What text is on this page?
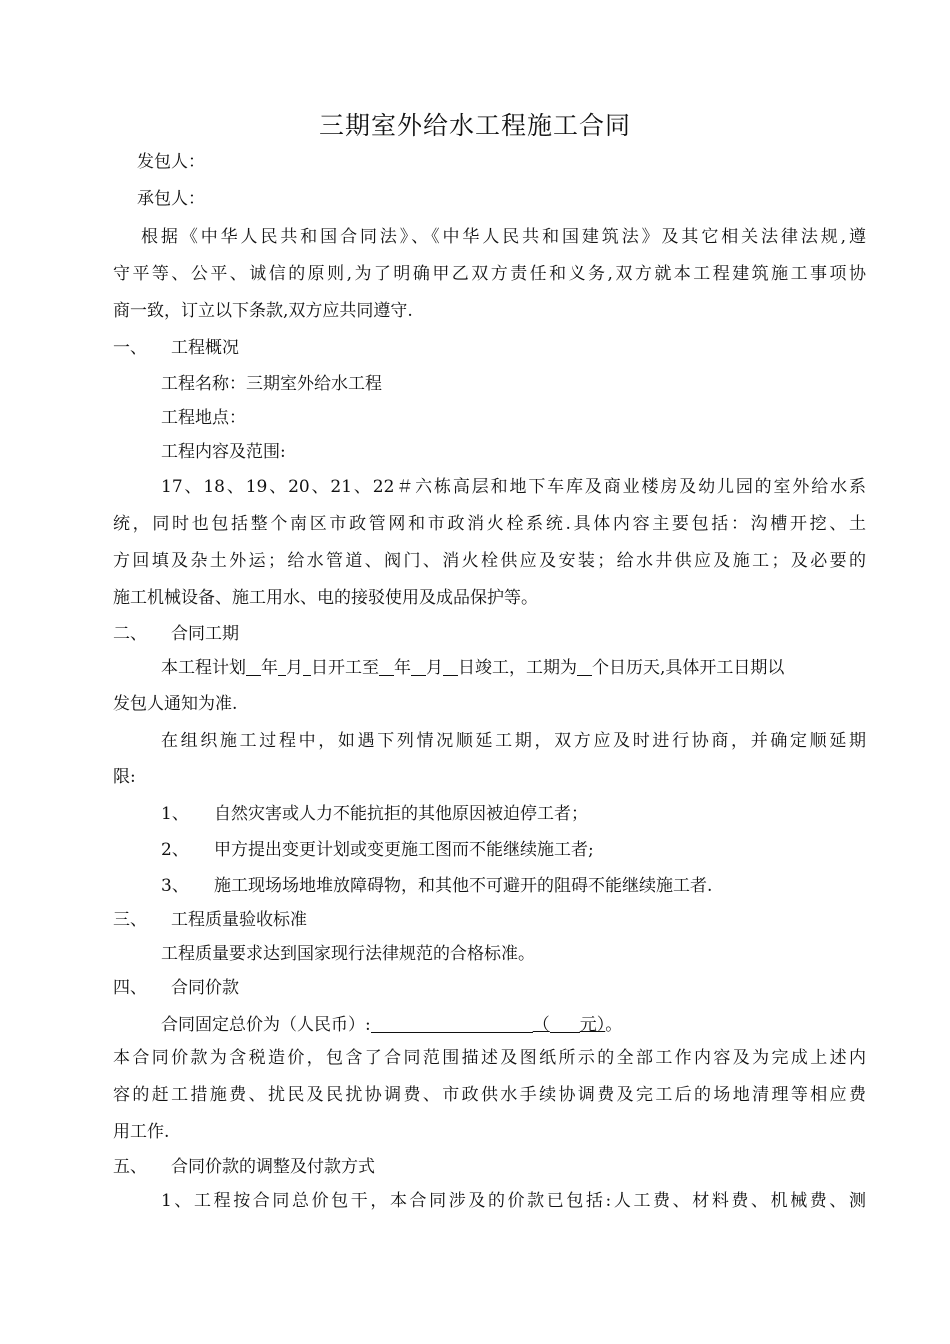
三期室外给水工程施工合同
发包人：
承包人：
根据《中华人民共和国合同法》、《中华人民共和国建筑法》及其它相关法律法规,遵
守平等、公平、诚信的原则,为了明确甲乙双方责任和义务,双方就本工程建筑施工事项协
商一致，订立以下条款,双方应共同遵守.
一、 工程概况
工程名称：三期室外给水工程
工程地点：
工程内容及范围:
17、18、19、20、21、22＃六栋高层和地下车库及商业楼房及幼儿园的室外给水系
统，同时也包括整个南区市政管网和市政消火栓系统.具体内容主要包括：沟槽开挖、土
方回填及杂土外运；给水管道、阀门、消火栓供应及安装；给水井供应及施工；及必要的
施工机械设备、施工用水、电的接驳使用及成品保护等。
二、 合同工期
本工程计划 年 月 日开工至 年 月 日竣工，工期为 个日历天,具体开工日期以
发包人通知为准.
在组织施工过程中，如遇下列情况顺延工期，双方应及时进行协商，并确定顺延期
限:
1、 自然灾害或人力不能抗拒的其他原因被迫停工者；
2、 甲方提出变更计划或变更施工图而不能继续施工者;
3、 施工现场场地堆放障碍物，和其他不可避开的阻碍不能继续施工者.
三、 工程质量验收标准
工程质量要求达到国家现行法律规范的合格标准。
四、 合同价款
合同固定总价为（人民币）:	（ 元）。
本合同价款为含税造价，包含了合同范围描述及图纸所示的全部工作内容及为完成上述内
容的赶工措施费、扰民及民扰协调费、市政供水手续协调费及完工后的场地清理等相应费
用工作.
五、 合同价款的调整及付款方式
1、工程按合同总价包干，本合同涉及的价款已包括:人工费、材料费、机械费、测
